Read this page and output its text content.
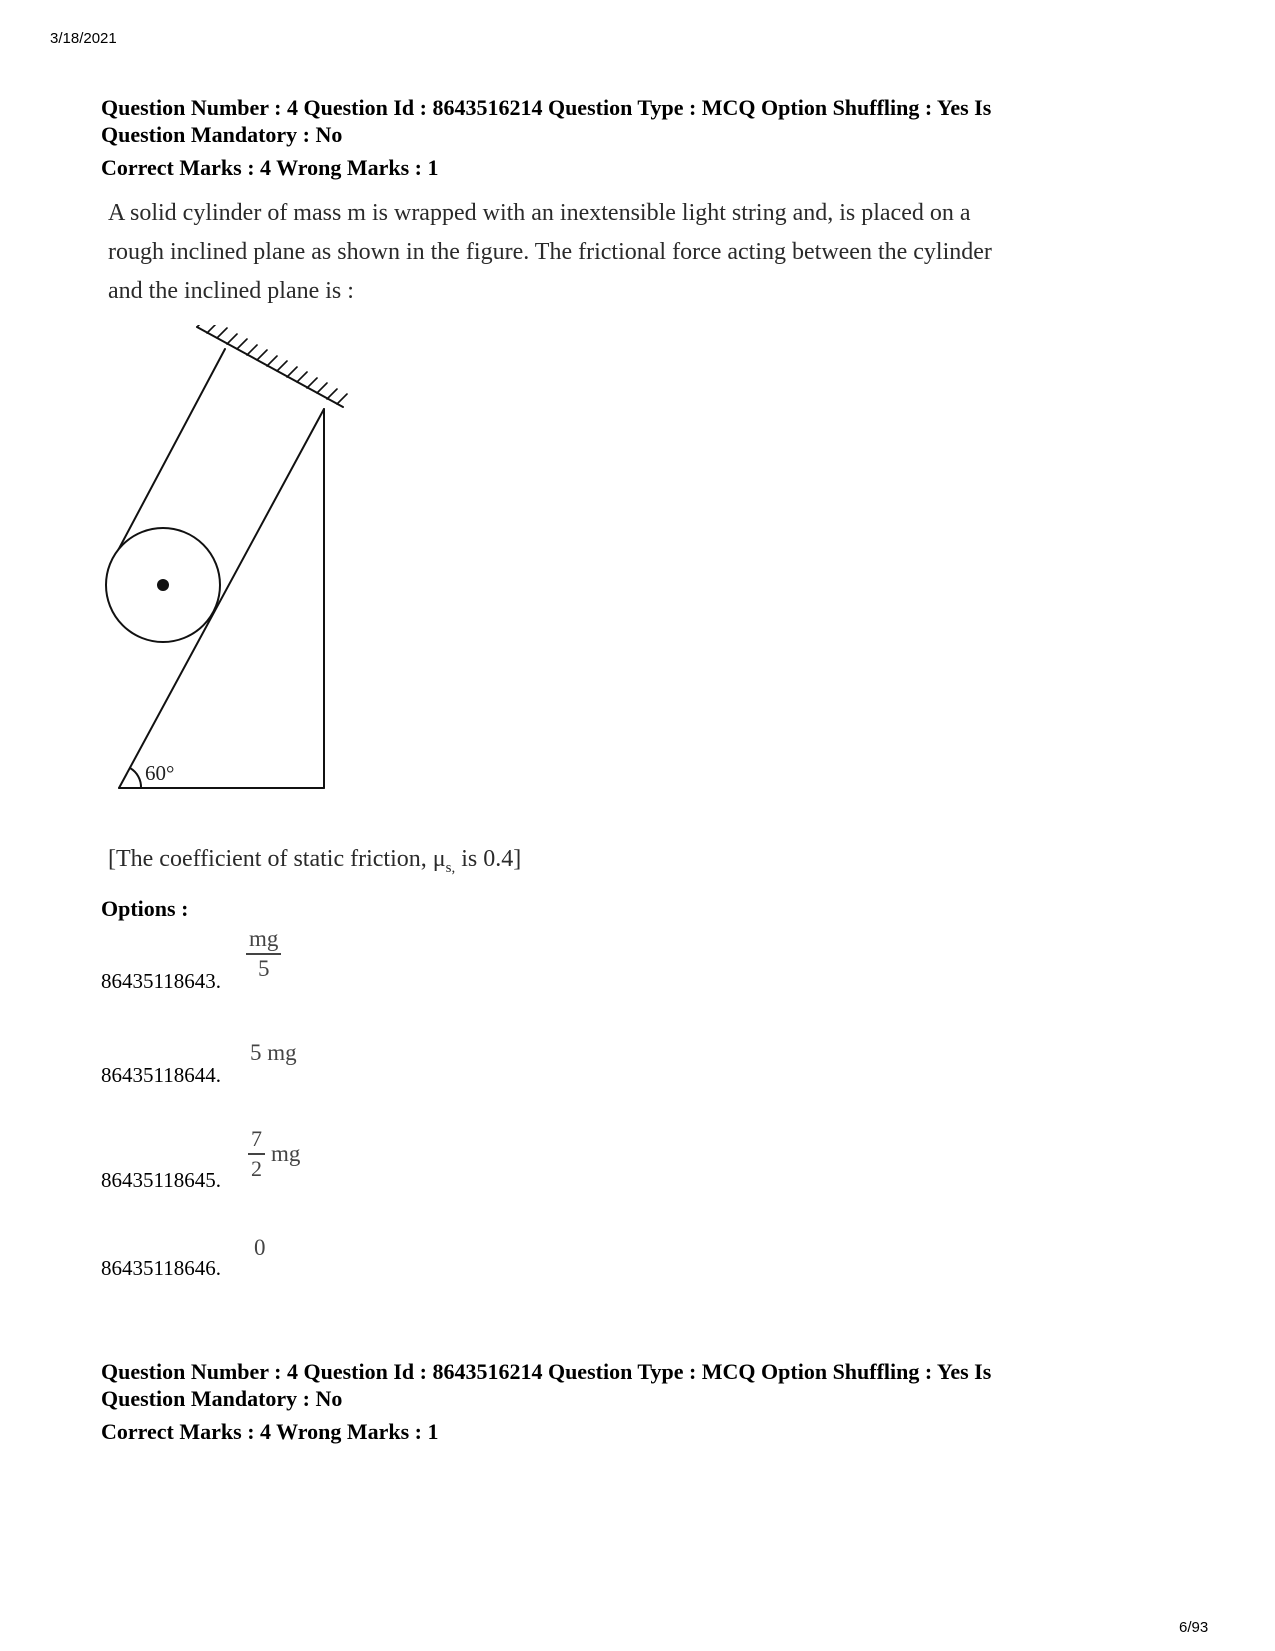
3/18/2021
Question Number : 4 Question Id : 8643516214 Question Type : MCQ Option Shuffling : Yes Is
Question Mandatory : No
Correct Marks : 4 Wrong Marks : 1
A solid cylinder of mass m is wrapped with an inextensible light string and, is placed on a
rough inclined plane as shown in the figure. The frictional force acting between the cylinder
and the inclined plane is :
60°
[The coefficient of static friction, $\mu_{s,}$ is 0.4]
Options :
86435118643. $\frac{mg}{5}$
86435118644.
5 mg
86435118645. $\frac{7}{2}$ mg
86435118646.
0
Question Number : 4 Question Id : 8643516214 Question Type : MCQ Option Shuffling : Yes Is
Question Mandatory : No
Correct Marks : 4 Wrong Marks : 1
6/93
